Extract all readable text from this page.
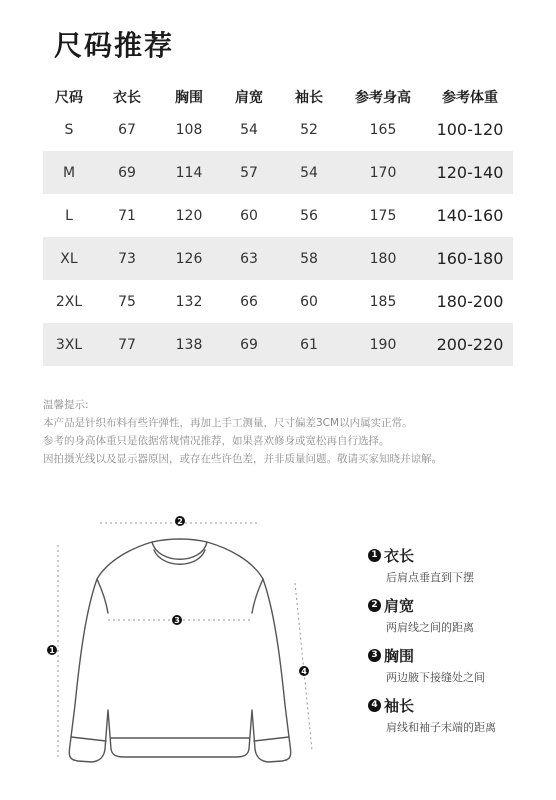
尺码推荐
尺码	衣长	胸围	肩宽	袖长	参考身高	参考体重
S	67	108	54	52	165	100-120
M	69	114	57	54	170	120-140
L	71	120	60	56	175	140-160
XL	73	126	63	58	180	160-180
2XL	75	132	66	60	185	180-200
3XL	77	138	69	61	190	200-220
温馨提示:
本产品是针织布料有些许弹性，再加上手工测量，尺寸偏差3CM以内属实正常。
参考的身高体重只是依据常规情况推荐，如果喜欢修身或宽松再自行选择。
因拍摄光线以及显示器原因，或存在些许色差，并非质量问题。敬请买家知晓并谅解。
1
2
3
4
1 衣长
后肩点垂直到下摆
2 肩宽
两肩线之间的距离
3 胸围
两边腋下接缝处之间
4 袖长
肩线和袖子末端的距离
